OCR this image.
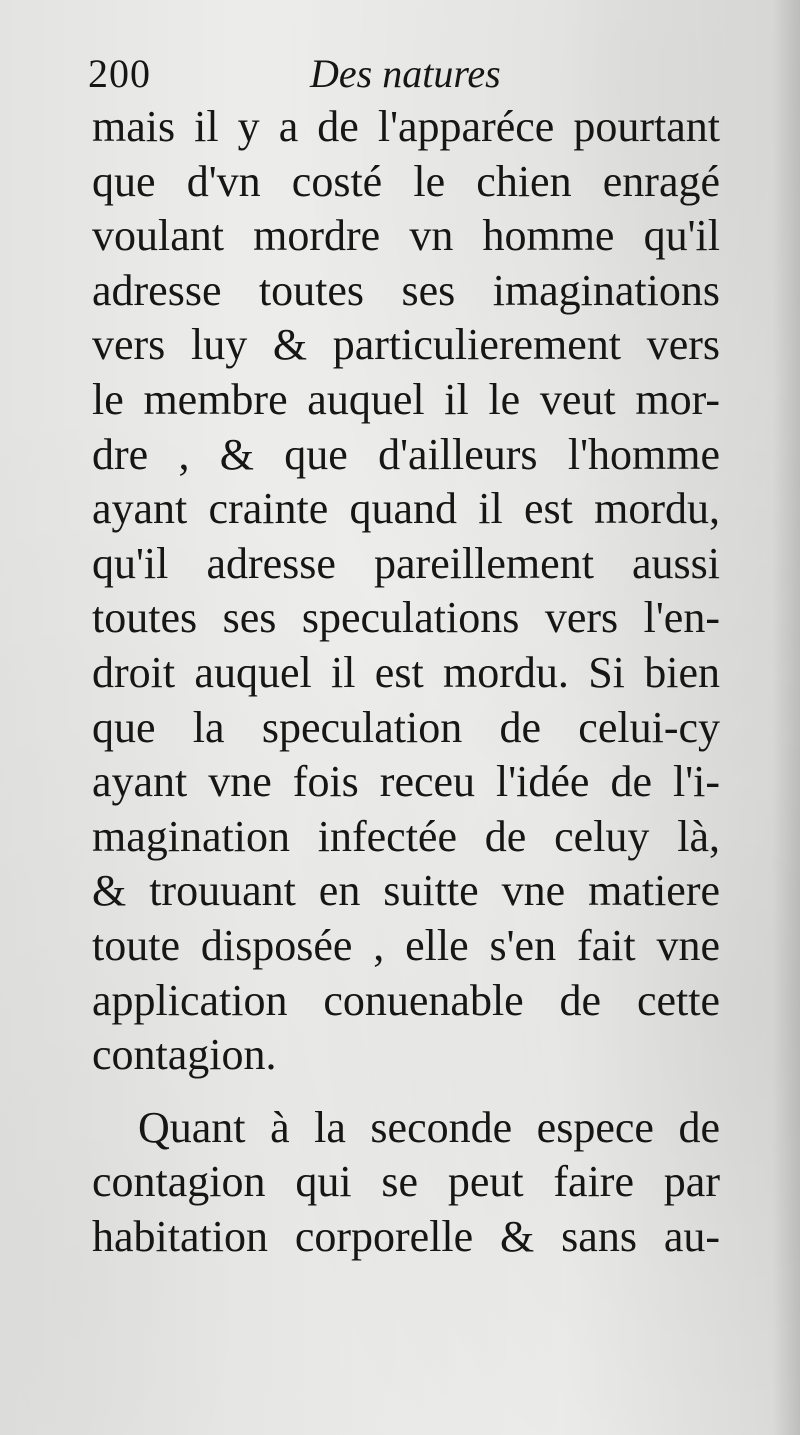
200	Des natures
mais il y a de l'apparéce pourtant
que d'vn costé le chien enragé
voulant mordre vn homme qu'il
adresse toutes ses imaginations
vers luy & particulierement vers
le membre auquel il le veut mor-
dre , & que d'ailleurs l'homme
ayant crainte quand il est mordu,
qu'il adresse pareillement aussi
toutes ses speculations vers l'en-
droit auquel il est mordu. Si bien
que la speculation de celui-cy
ayant vne fois receu l'idée de l'i-
magination infectée de celuy là,
& trouuant en suitte vne matiere
toute disposée , elle s'en fait vne
application conuenable de cette
contagion.
Quant à la seconde espece de
contagion qui se peut faire par
habitation corporelle & sans au-
